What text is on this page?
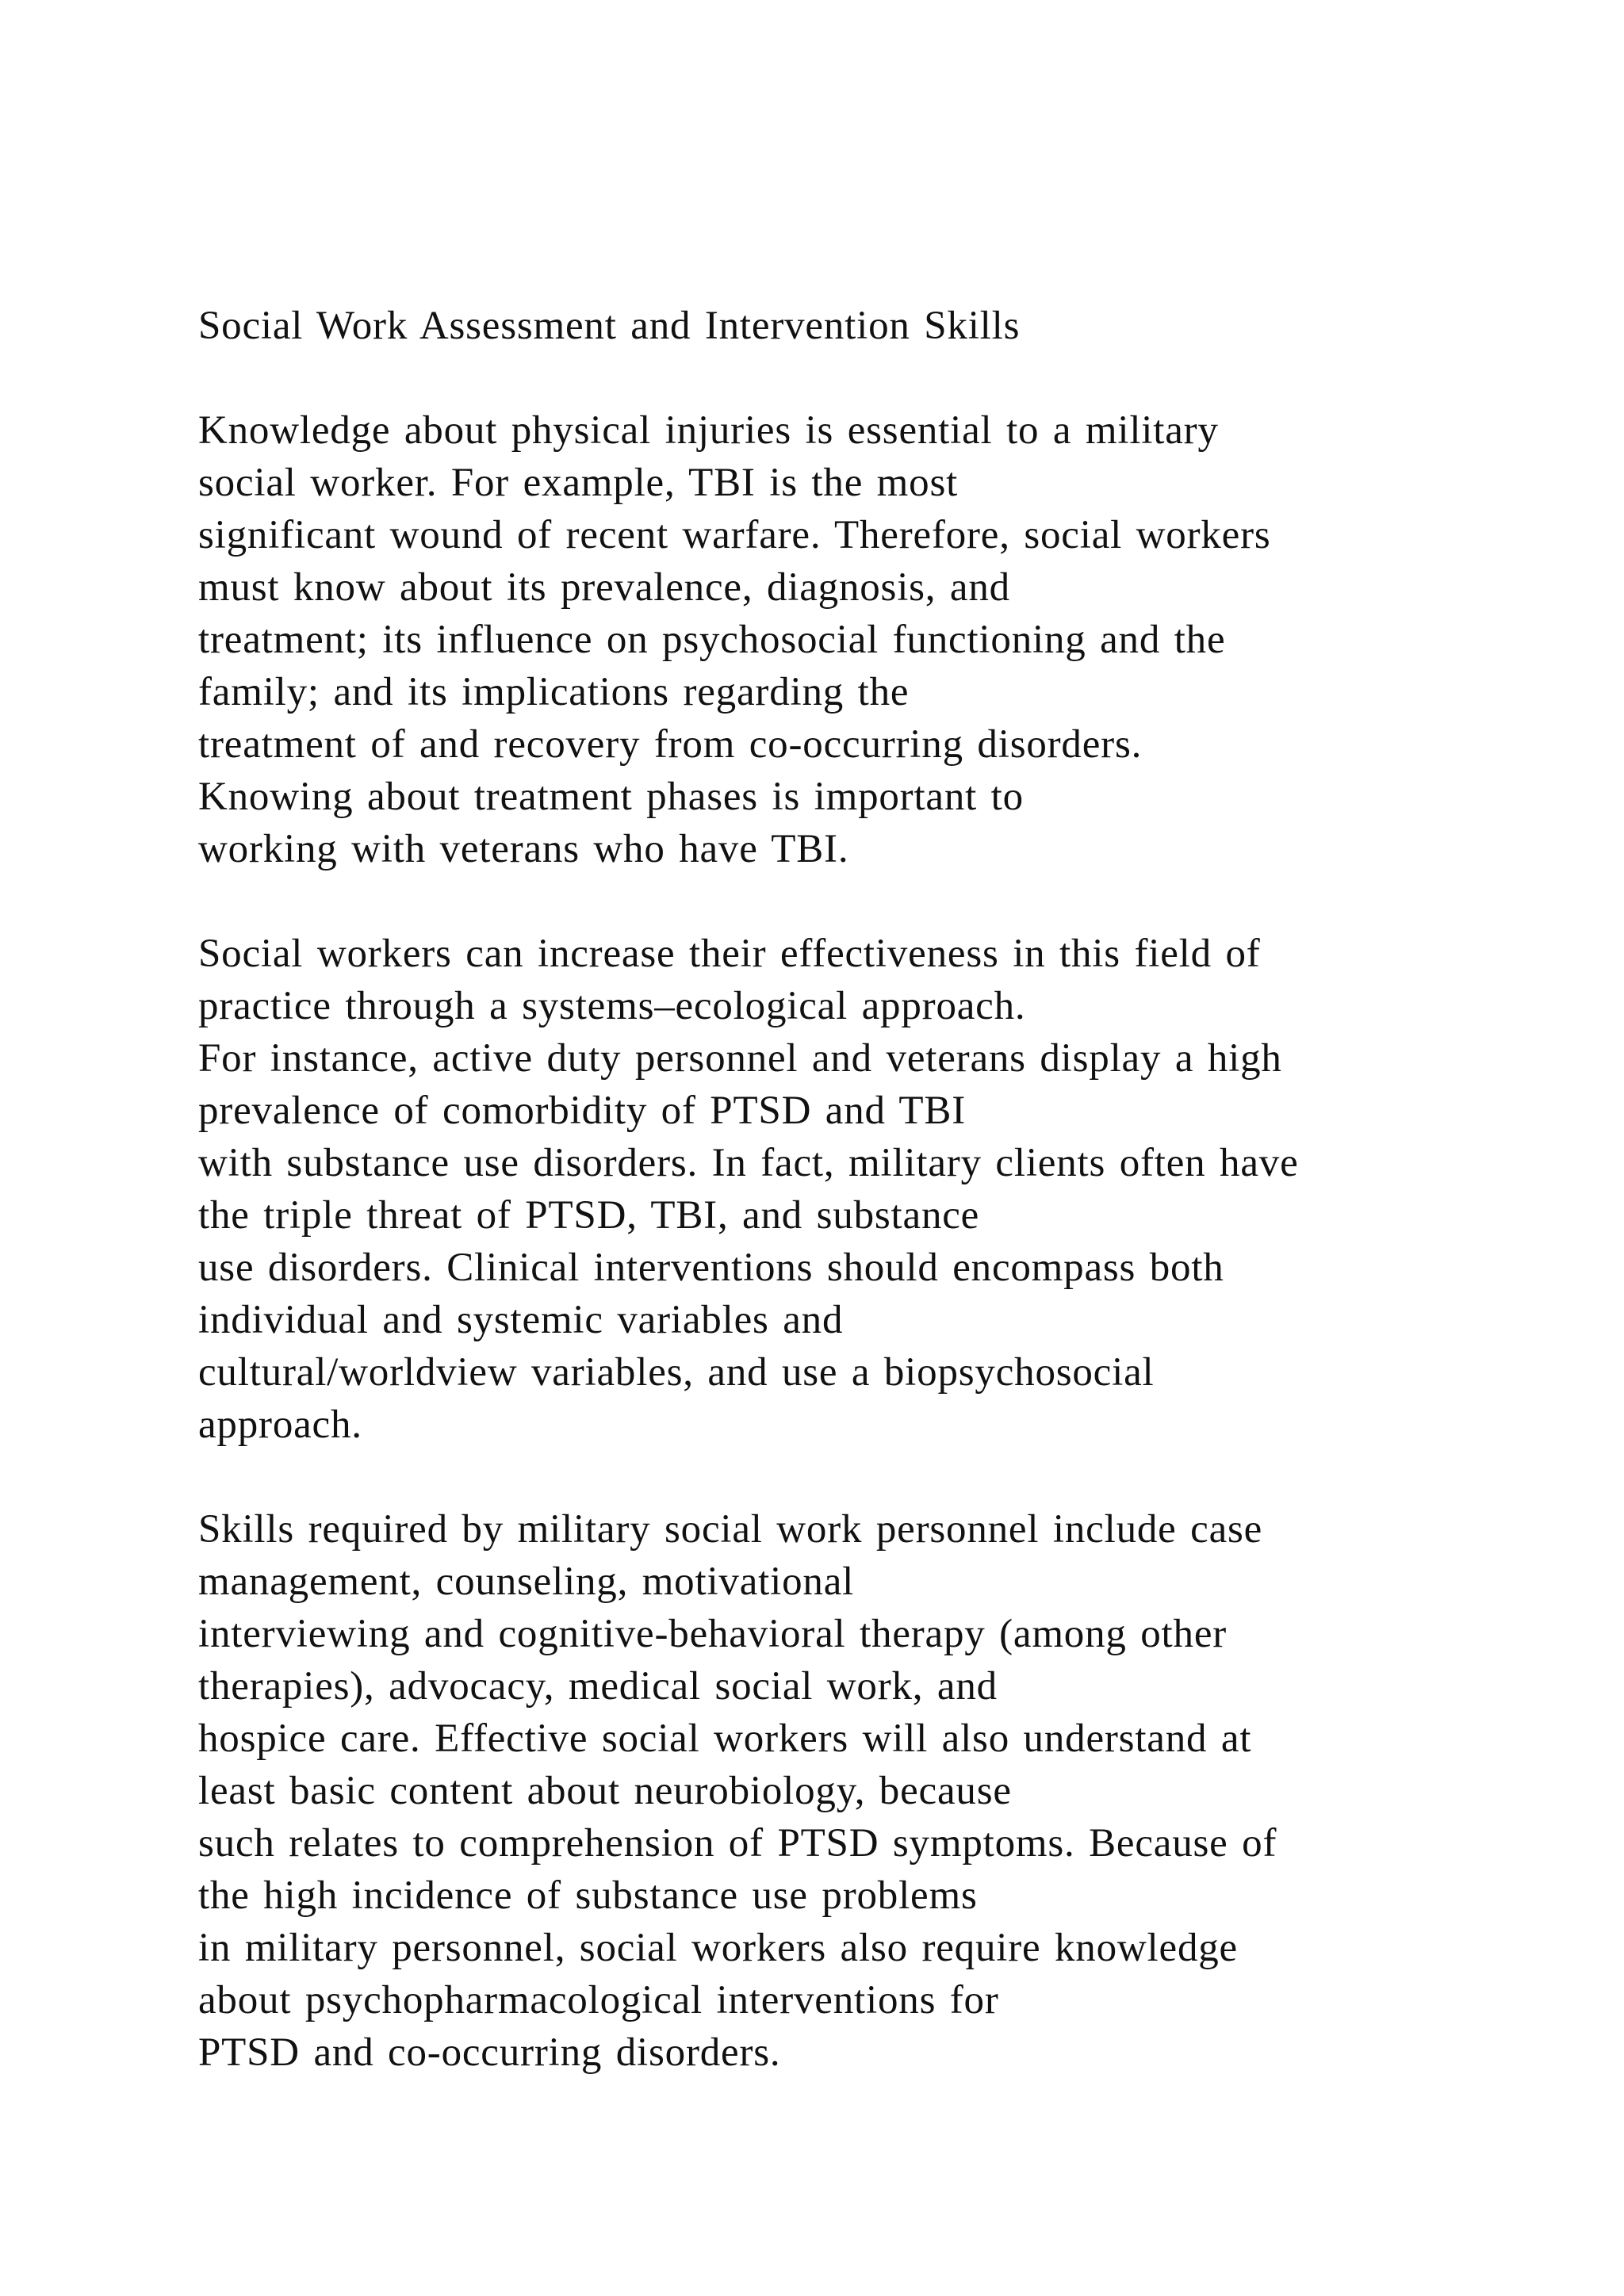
Social Work Assessment and Intervention Skills
Knowledge about physical injuries is essential to a military
social worker. For example, TBI is the most
significant wound of recent warfare. Therefore, social workers
must know about its prevalence, diagnosis, and
treatment; its influence on psychosocial functioning and the
family; and its implications regarding the
treatment of and recovery from co-occurring disorders.
Knowing about treatment phases is important to
working with veterans who have TBI.
Social workers can increase their effectiveness in this field of
practice through a systems–ecological approach.
For instance, active duty personnel and veterans display a high
prevalence of comorbidity of PTSD and TBI
with substance use disorders. In fact, military clients often have
the triple threat of PTSD, TBI, and substance
use disorders. Clinical interventions should encompass both
individual and systemic variables and
cultural/worldview variables, and use a biopsychosocial
approach.
Skills required by military social work personnel include case
management, counseling, motivational
interviewing and cognitive-behavioral therapy (among other
therapies), advocacy, medical social work, and
hospice care. Effective social workers will also understand at
least basic content about neurobiology, because
such relates to comprehension of PTSD symptoms. Because of
the high incidence of substance use problems
in military personnel, social workers also require knowledge
about psychopharmacological interventions for
PTSD and co-occurring disorders.
